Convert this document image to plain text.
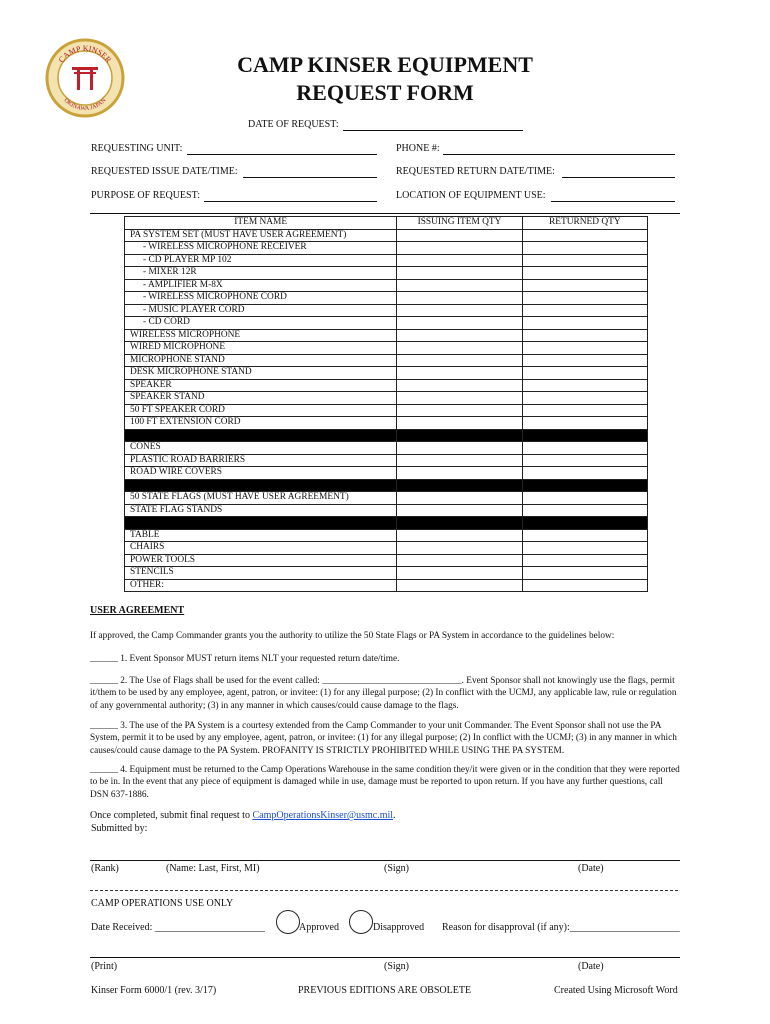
CAMP KINSER
OKINAWA JAPAN
CAMP KINSER EQUIPMENT
REQUEST FORM
DATE OF REQUEST:
REQUESTING UNIT:	PHONE #:
REQUESTED ISSUE DATE/TIME:	REQUESTED RETURN DATE/TIME:
PURPOSE OF REQUEST:	LOCATION OF EQUIPMENT USE:
ITEM NAME	ISSUING ITEM QTY	RETURNED QTY
PA SYSTEM SET (MUST HAVE USER AGREEMENT)		
- WIRELESS MICROPHONE RECEIVER		
- CD PLAYER MP 102		
- MIXER 12R		
- AMPLIFIER M-8X		
- WIRELESS MICROPHONE CORD		
- MUSIC PLAYER CORD		
- CD CORD		
WIRELESS MICROPHONE		
WIRED MICROPHONE		
MICROPHONE STAND		
DESK MICROPHONE STAND		
SPEAKER		
SPEAKER STAND		
50 FT SPEAKER CORD		
100 FT EXTENSION CORD		

CONES		
PLASTIC ROAD BARRIERS		
ROAD WIRE COVERS		

50 STATE FLAGS (MUST HAVE USER AGREEMENT)		
STATE FLAG STANDS		

TABLE		
CHAIRS		
POWER TOOLS		
STENCILS		
OTHER:		
USER AGREEMENT
If approved, the Camp Commander grants you the authority to utilize the 50 State Flags or PA System in accordance to the guidelines below:
______ 1. Event Sponsor MUST return items NLT your requested return date/time.
______ 2. The Use of Flags shall be used for the event called: ______________________________. Event Sponsor shall not knowingly use the flags, permit it/them to be used by any employee, agent, patron, or invitee: (1) for any illegal purpose; (2) In conflict with the UCMJ, any applicable law, rule or regulation of any governmental authority; (3) in any manner in which causes/could cause damage to the flags.
______ 3. The use of the PA System is a courtesy extended from the Camp Commander to your unit Commander. The Event Sponsor shall not use the PA System, permit it to be used by any employee, agent, patron, or invitee: (1) for any illegal purpose; (2) In conflict with the UCMJ; (3) in any manner in which causes/could cause damage to the PA System. PROFANITY IS STRICTLY PROHIBITED WHILE USING THE PA SYSTEM.
______ 4. Equipment must be returned to the Camp Operations Warehouse in the same condition they/it were given or in the condition that they were reported to be in. In the event that any piece of equipment is damaged while in use, damage must be reported to upon return. If you have any further questions, call DSN 637-1886.
Once completed, submit final request to CampOperationsKinser@usmc.mil.
Submitted by:
(Rank)	(Name: Last, First, MI)	(Sign)	(Date)
CAMP OPERATIONS USE ONLY
Date Received: ______________________	Approved	Disapproved Reason for disapproval (if any):______________________
(Print)	(Sign)	(Date)
Kinser Form 6000/1 (rev. 3/17)	PREVIOUS EDITIONS ARE OBSOLETE	Created Using Microsoft Word
